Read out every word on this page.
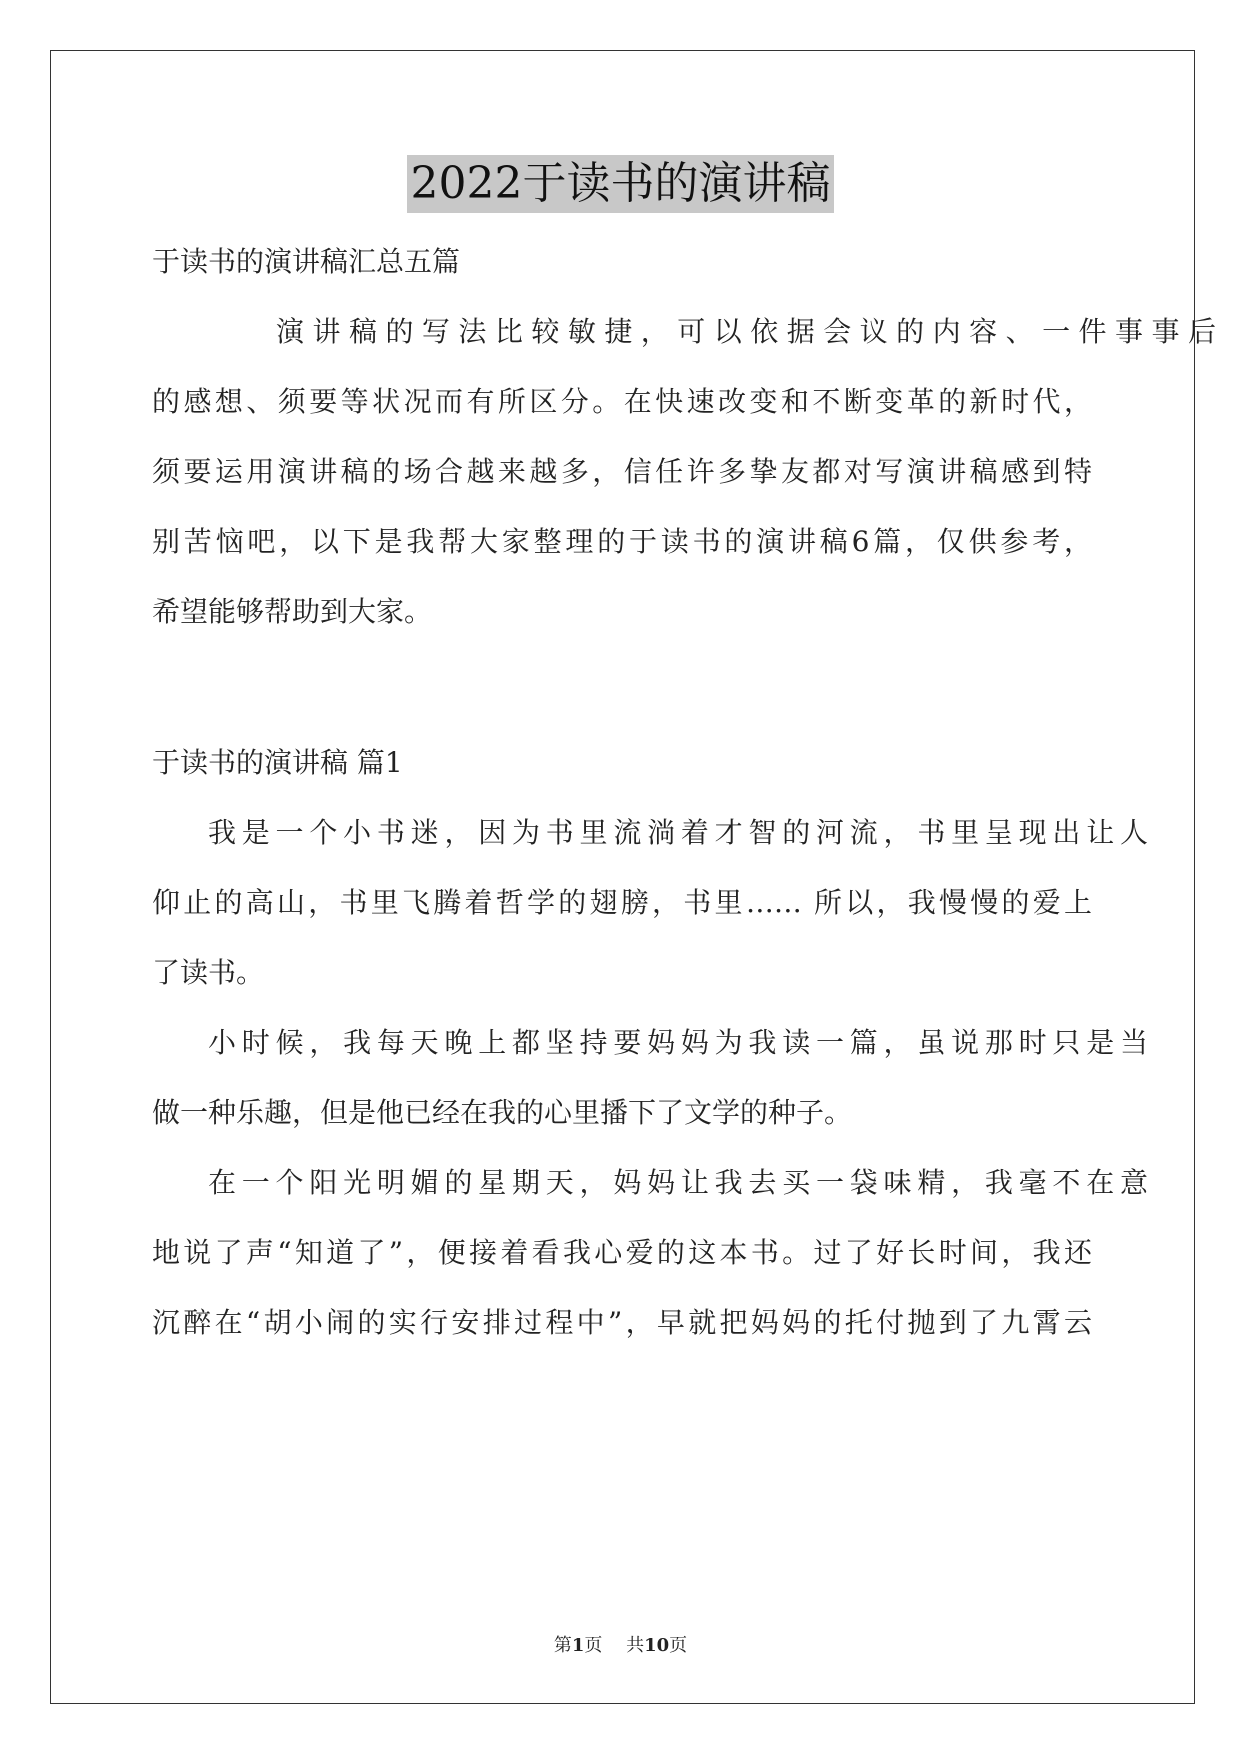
2022于读书的演讲稿
于读书的演讲稿汇总五篇
演讲稿的写法比较敏捷，可以依据会议的内容、一件事事后
的感想、须要等状况而有所区分。在快速改变和不断变革的新时代，
须要运用演讲稿的场合越来越多，信任许多挚友都对写演讲稿感到特
别苦恼吧，以下是我帮大家整理的于读书的演讲稿6篇，仅供参考，
希望能够帮助到大家。
于读书的演讲稿 篇1
我是一个小书迷，因为书里流淌着才智的河流，书里呈现出让人
仰止的高山，书里飞腾着哲学的翅膀，书里…… 所以，我慢慢的爱上
了读书。
小时候，我每天晚上都坚持要妈妈为我读一篇，虽说那时只是当
做一种乐趣，但是他已经在我的心里播下了文学的种子。
在一个阳光明媚的星期天，妈妈让我去买一袋味精，我毫不在意
地说了声“知道了”，便接着看我心爱的这本书。过了好长时间，我还
沉醉在“胡小闹的实行安排过程中”，早就把妈妈的托付抛到了九霄云
第1页　 共10页
